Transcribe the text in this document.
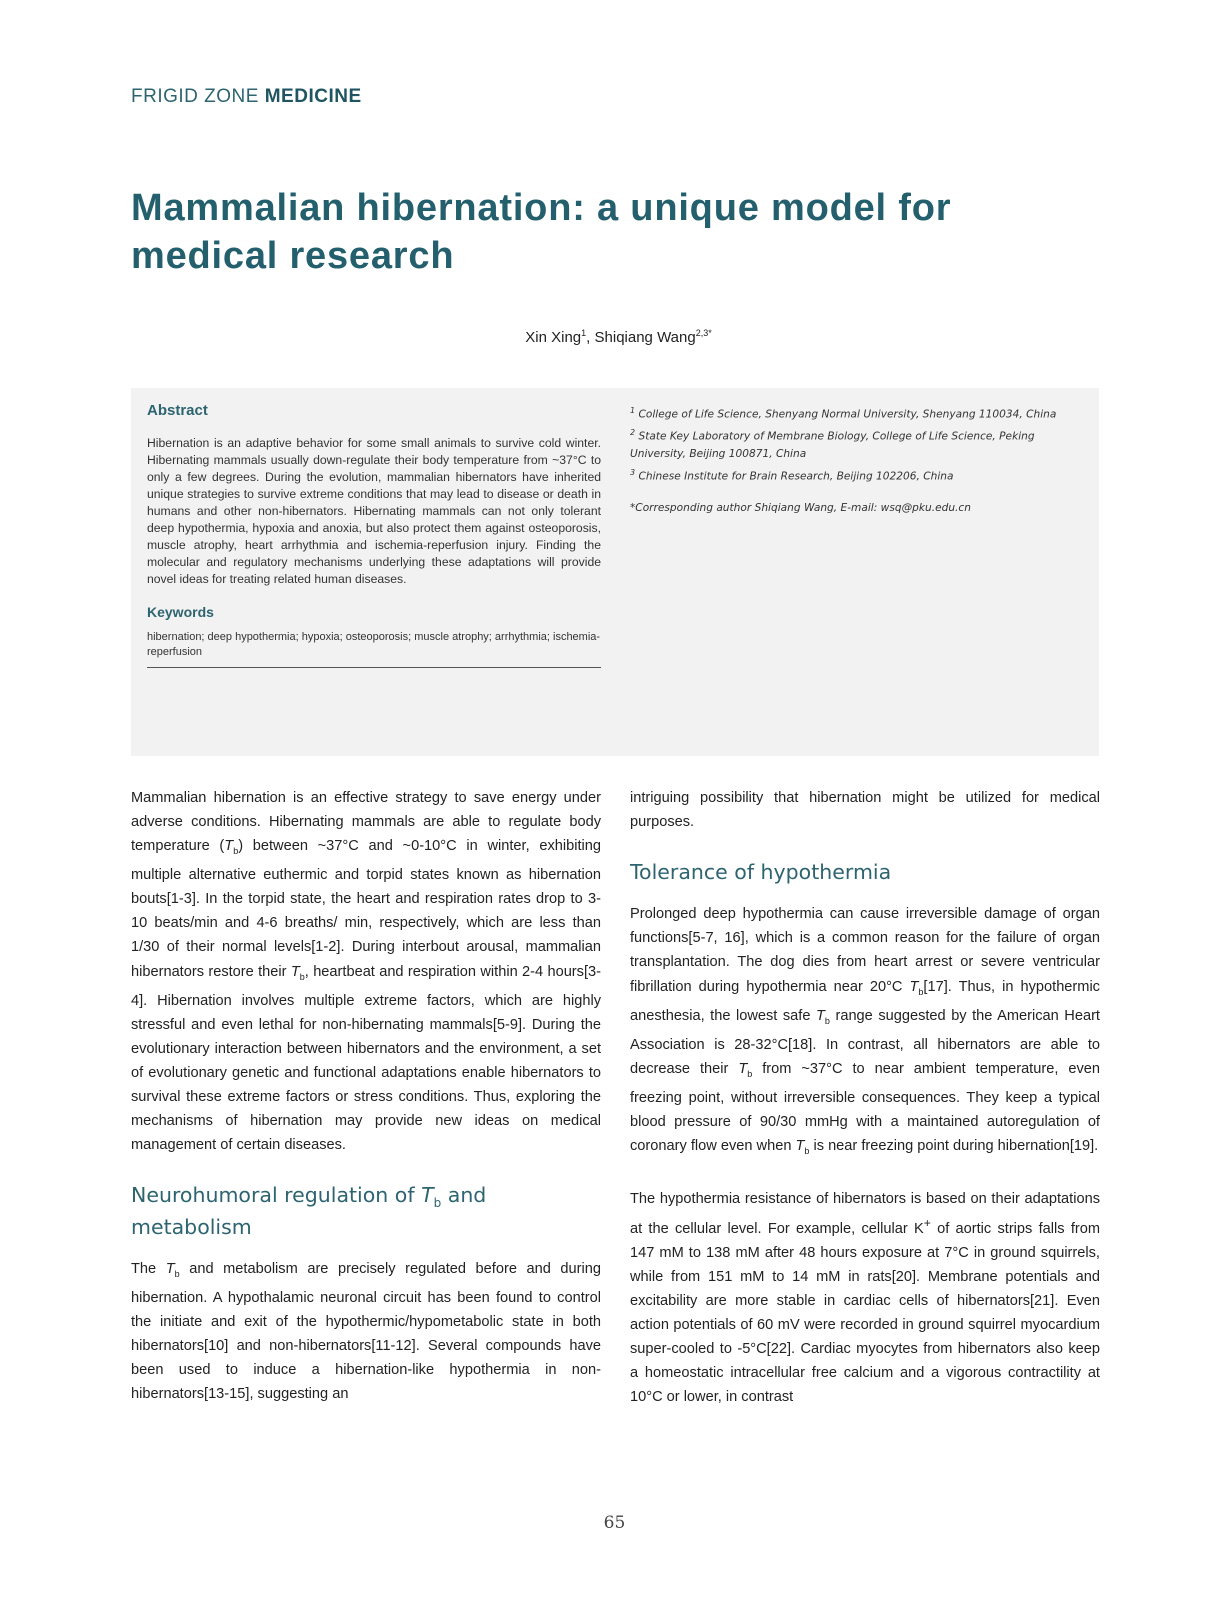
FRIGID ZONE MEDICINE
Mammalian hibernation: a unique model for medical research
Xin Xing$^1$, Shiqiang Wang$^{2,3*}$
Abstract

Hibernation is an adaptive behavior for some small animals to survive cold winter. Hibernating mammals usually down-regulate their body temperature from ~37°C to only a few degrees. During the evolution, mammalian hibernators have inherited unique strategies to survive extreme conditions that may lead to disease or death in humans and other non-hibernators. Hibernating mammals can not only tolerant deep hypothermia, hypoxia and anoxia, but also protect them against osteoporosis, muscle atrophy, heart arrhythmia and ischemia-reperfusion injury. Finding the molecular and regulatory mechanisms underlying these adaptations will provide novel ideas for treating related human diseases.

Keywords

hibernation; deep hypothermia; hypoxia; osteoporosis; muscle atrophy; arrhythmia; ischemia-reperfusion

$^1$ College of Life Science, Shenyang Normal University, Shenyang 110034, China

$^2$ State Key Laboratory of Membrane Biology, College of Life Science, Peking University, Beijing 100871, China

$^3$ Chinese Institute for Brain Research, Beijing 102206, China

*Corresponding author Shiqiang Wang, E-mail: wsq@pku.edu.cn

Mammalian hibernation is an effective strategy to save energy under adverse conditions. Hibernating mammals are able to regulate body temperature $(T_b)$ between ~37°C and ~0-10°C in winter, exhibiting multiple alternative euthermic and torpid states known as hibernation bouts[1-3]. In the torpid state, the heart and respiration rates drop to 3-10 beats/min and 4-6 breaths/ min, respectively, which are less than 1/30 of their normal levels[1-2]. During interbout arousal, mammalian hibernators restore their $T_b$, heartbeat and respiration within 2-4 hours[3-4]. Hibernation involves multiple extreme factors, which are highly stressful and even lethal for non-hibernating mammals[5-9]. During the evolutionary interaction between hibernators and the environment, a set of evolutionary genetic and functional adaptations enable hibernators to survival these extreme factors or stress conditions. Thus, exploring the mechanisms of hibernation may provide new ideas on medical management of certain diseases.

Neurohumoral regulation of $T_b$ and metabolism

The $T_b$ and metabolism are precisely regulated before and during hibernation. A hypothalamic neuronal circuit has been found to control the initiate and exit of the hypothermic/hypometabolic state in both hibernators[10] and non-hibernators[11-12]. Several compounds have been used to induce a hibernation-like hypothermia in non-hibernators[13-15], suggesting an

intriguing possibility that hibernation might be utilized for medical purposes.

Tolerance of hypothermia

Prolonged deep hypothermia can cause irreversible damage of organ functions[5-7, 16], which is a common reason for the failure of organ transplantation. The dog dies from heart arrest or severe ventricular fibrillation during hypothermia near 20°C $T_b[17]$. Thus, in hypothermic anesthesia, the lowest safe $T_b$ range suggested by the American Heart Association is 28-32°C[18]. In contrast, all hibernators are able to decrease their $T_b$ from ~37°C to near ambient temperature, even freezing point, without irreversible consequences. They keep a typical blood pressure of 90/30 mmHg with a maintained autoregulation of coronary flow even when $T_b$ is near freezing point during hibernation[19].

The hypothermia resistance of hibernators is based on their adaptations at the cellular level. For example, cellular K+ of aortic strips falls from 147 mM to 138 mM after 48 hours exposure at 7°C in ground squirrels, while from 151 mM to 14 mM in rats[20]. Membrane potentials and excitability are more stable in cardiac cells of hibernators[21]. Even action potentials of 60 mV were recorded in ground squirrel myocardium super-cooled to -5°C[22]. Cardiac myocytes from hibernators also keep a homeostatic intracellular free calcium and a vigorous contractility at 10°C or lower, in contrast

65
